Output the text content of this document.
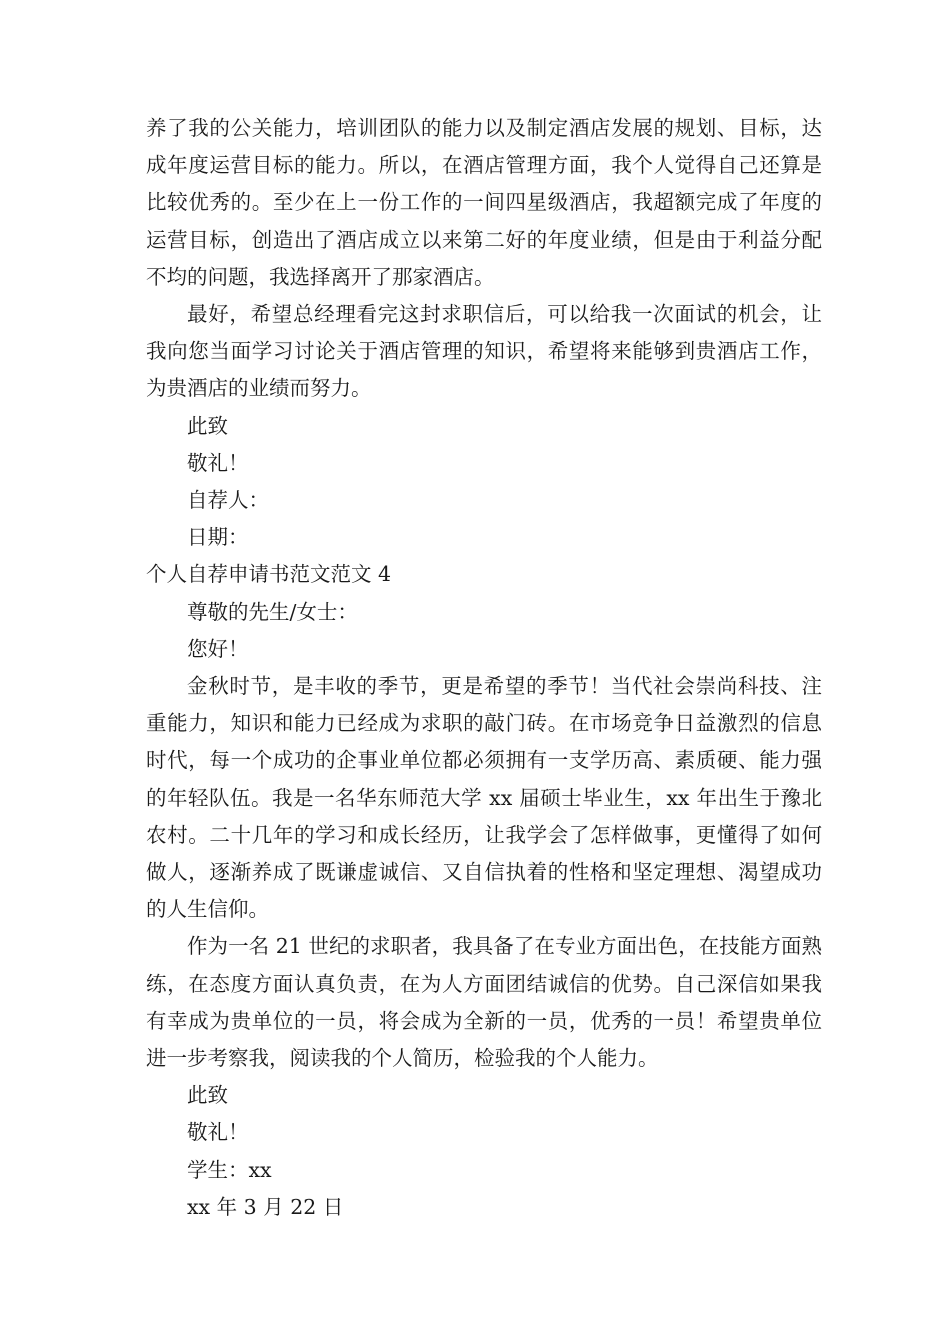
养了我的公关能力，培训团队的能力以及制定酒店发展的规划、目标，达成年度运营目标的能力。所以，在酒店管理方面，我个人觉得自己还算是比较优秀的。至少在上一份工作的一间四星级酒店，我超额完成了年度的运营目标，创造出了酒店成立以来第二好的年度业绩，但是由于利益分配不均的问题，我选择离开了那家酒店。

最好，希望总经理看完这封求职信后，可以给我一次面试的机会，让我向您当面学习讨论关于酒店管理的知识，希望将来能够到贵酒店工作，为贵酒店的业绩而努力。

此致

敬礼！

自荐人：

日期：

个人自荐申请书范文范文 4

尊敬的先生/女士：

您好！

金秋时节，是丰收的季节，更是希望的季节！当代社会崇尚科技、注重能力，知识和能力已经成为求职的敲门砖。在市场竞争日益激烈的信息时代，每一个成功的企事业单位都必须拥有一支学历高、素质硬、能力强的年轻队伍。我是一名华东师范大学 xx 届硕士毕业生，xx 年出生于豫北农村。二十几年的学习和成长经历，让我学会了怎样做事，更懂得了如何做人，逐渐养成了既谦虚诚信、又自信执着的性格和坚定理想、渴望成功的人生信仰。

作为一名 21 世纪的求职者，我具备了在专业方面出色，在技能方面熟练，在态度方面认真负责，在为人方面团结诚信的优势。自己深信如果我有幸成为贵单位的一员，将会成为全新的一员，优秀的一员！希望贵单位进一步考察我，阅读我的个人简历，检验我的个人能力。

此致

敬礼！

学生：xx

xx 年 3 月 22 日
